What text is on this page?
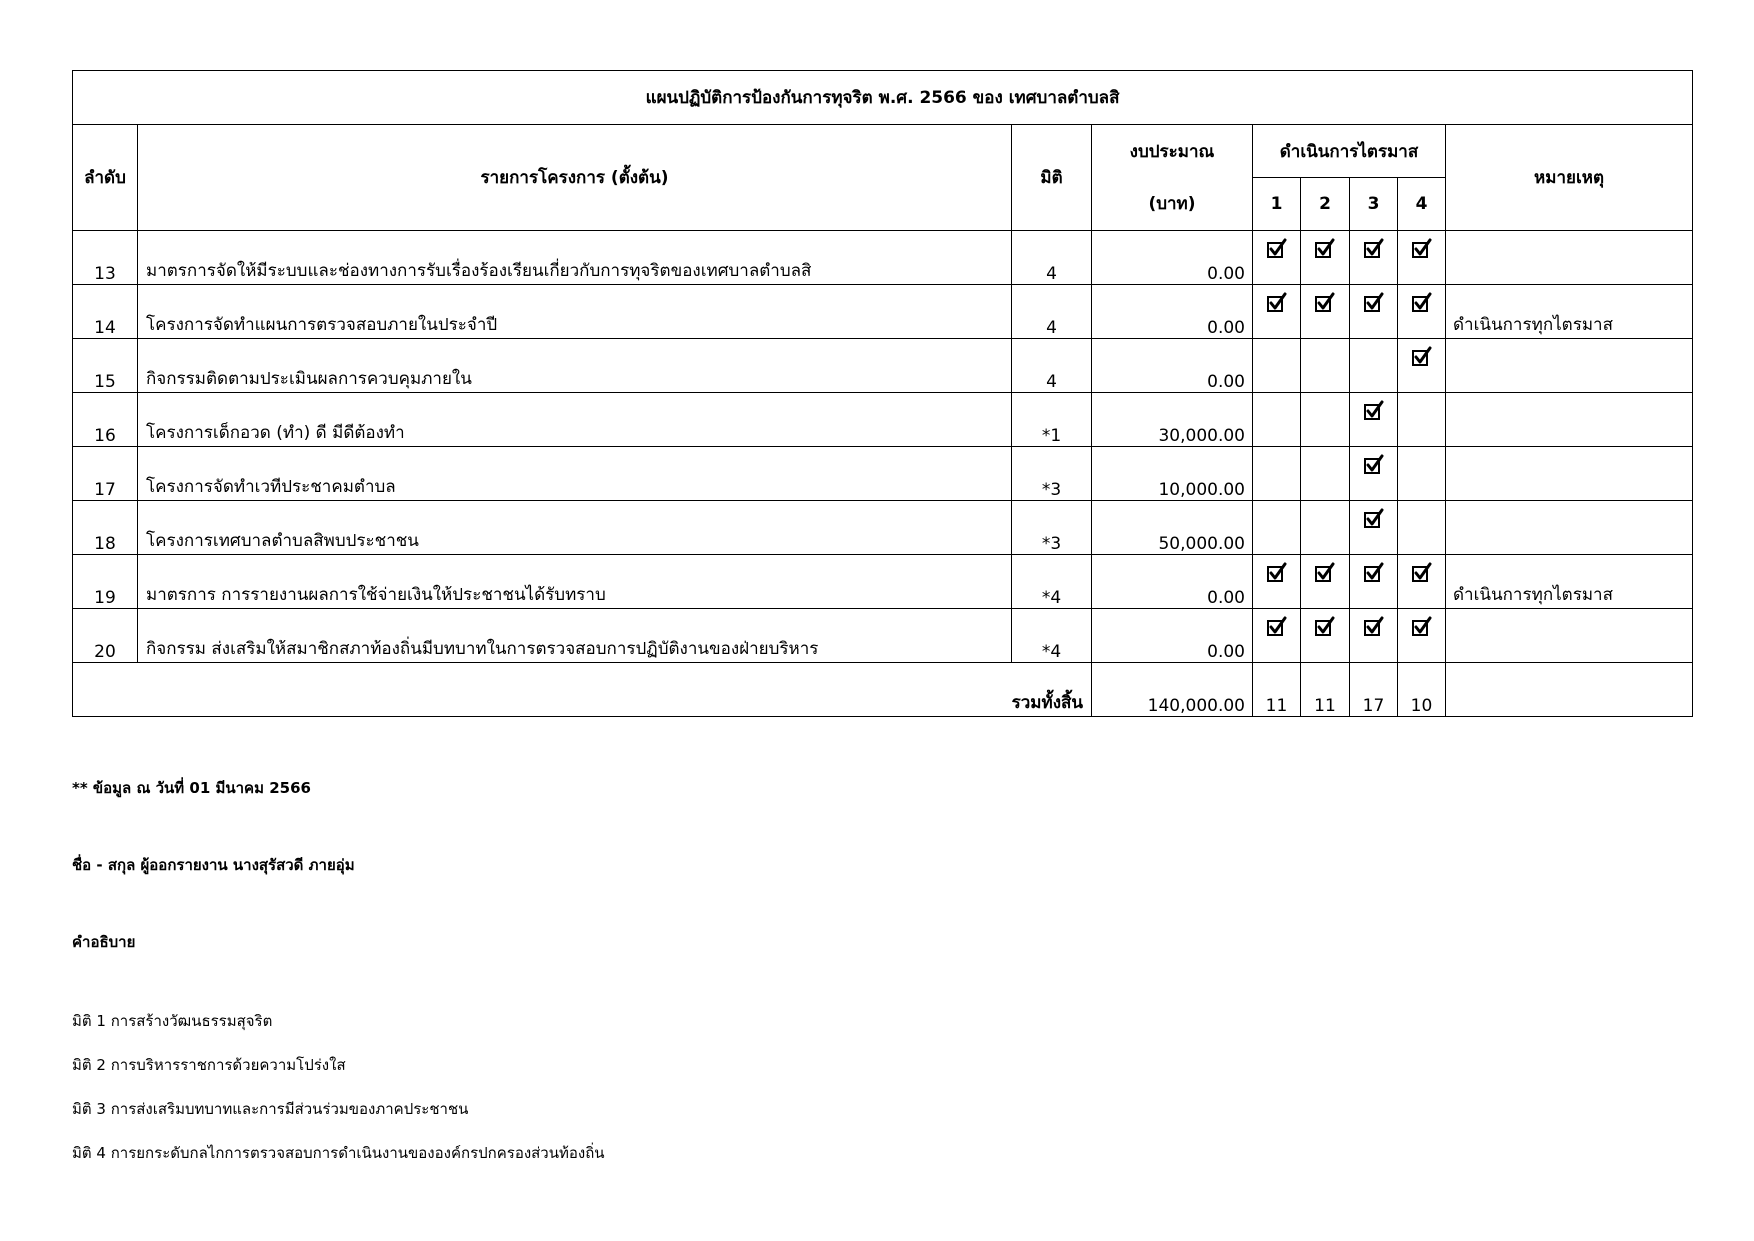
แผนปฏิบัติการป้องกันการทุจริต พ.ศ. 2566 ของ เทศบาลตำบลสิ								
ลำดับ	รายการโครงการ (ตั้งต้น)	มิติ	งบประมาณ	ดำเนินการไตรมาส				หมายเหตุ
			(บาท)	1	2	3	4	
13	มาตรการจัดให้มีระบบและช่องทางการรับเรื่องร้องเรียนเกี่ยวกับการทุจริตของเทศบาลตำบลสิ	4	0.00	

14	โครงการจัดทำแผนการตรวจสอบภายในประจำปี	4	0.00					ดำเนินการทุกไตรมาส
15	กิจกรรมติดตามประเมินผลการควบคุมภายใน	4	0.00				

16	โครงการเด็กอวด (ทำ) ดี มีดีต้องทำ	*1	30,000.00			

17	โครงการจัดทำเวทีประชาคมตำบล	*3	10,000.00			

18	โครงการเทศบาลตำบลสิพบประชาชน	*3	50,000.00			

19	มาตรการ การรายงานผลการใช้จ่ายเงินให้ประชาชนได้รับทราบ	*4	0.00					ดำเนินการทุกไตรมาส
20	กิจกรรม ส่งเสริมให้สมาชิกสภาท้องถิ่นมีบทบาทในการตรวจสอบการปฏิบัติงานของฝ่ายบริหาร	*4	0.00	

รวมทั้งสิ้น			140,000.00	11	11	17	10	
** ข้อมูล ณ วันที่ 01 มีนาคม 2566
ชื่อ - สกุล ผู้ออกรายงาน นางสุรัสวดี ภายอุ่ม
คำอธิบาย
มิติ 1 การสร้างวัฒนธรรมสุจริต
มิติ 2 การบริหารราชการด้วยความโปร่งใส
มิติ 3 การส่งเสริมบทบาทและการมีส่วนร่วมของภาคประชาชน
มิติ 4 การยกระดับกลไกการตรวจสอบการดำเนินงานขององค์กรปกครองส่วนท้องถิ่น
